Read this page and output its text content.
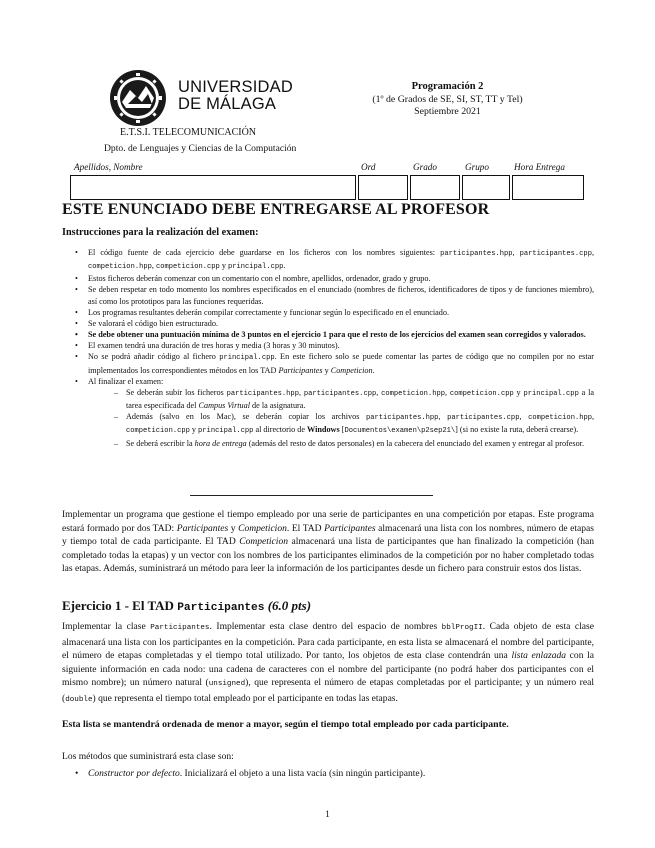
UNIVERSIDAD
DE MÁLAGA
E.T.S.I. TELECOMUNICACIÓN
Dpto. de Lenguajes y Ciencias de la Computación
Programación 2
(1º de Grados de SE, SI, ST, TT y Tel)
Septiembre 2021
Apellidos, Nombre	Ord	Grado	Grupo	Hora Entrega
ESTE ENUNCIADO DEBE ENTREGARSE AL PROFESOR
Instrucciones para la realización del examen:
• El código fuente de cada ejercicio debe guardarse en los ficheros con los nombres siguientes: participantes.hpp, participantes.cpp, competicion.hpp, competicion.cpp y principal.cpp.
• Estos ficheros deberán comenzar con un comentario con el nombre, apellidos, ordenador, grado y grupo.
• Se deben respetar en todo momento los nombres especificados en el enunciado (nombres de ficheros, identificadores de tipos y de funciones miembro), así como los prototipos para las funciones requeridas.
• Los programas resultantes deberán compilar correctamente y funcionar según lo especificado en el enunciado.
• Se valorará el código bien estructurado.
• Se debe obtener una puntuación mínima de 3 puntos en el ejercicio 1 para que el resto de los ejercicios del examen sean corregidos y valorados.
• El examen tendrá una duración de tres horas y media (3 horas y 30 minutos).
• No se podrá añadir código al fichero principal.cpp. En este fichero solo se puede comentar las partes de código que no compilen por no estar implementados los correspondientes métodos en los TAD Participantes y Competicion.
• Al finalizar el examen:
– Se deberán subir los ficheros participantes.hpp, participantes.cpp, competicion.hpp, competicion.cpp y principal.cpp a la tarea especificada del Campus Virtual de la asignatura.
– Además (salvo en los Mac), se deberán copiar los archivos participantes.hpp, participantes.cpp, competicion.hpp, competicion.cpp y principal.cpp al directorio de Windows [Documentos\examen\p2sep21\] (si no existe la ruta, deberá crearse).
– Se deberá escribir la hora de entrega (además del resto de datos personales) en la cabecera del enunciado del examen y entregar al profesor.

Implementar un programa que gestione el tiempo empleado por una serie de participantes en una competición por etapas. Este programa estará formado por dos TAD: Participantes y Competicion. El TAD Participantes almacenará una lista con los nombres, número de etapas y tiempo total de cada participante. El TAD Competicion almacenará una lista de participantes que han finalizado la competición (han completado todas la etapas) y un vector con los nombres de los participantes eliminados de la competición por no haber completado todas las etapas. Además, suministrará un método para leer la información de los participantes desde un fichero para construir estos dos listas.

Ejercicio 1 - El TAD Participantes (6.0 pts)

Implementar la clase Participantes. Implementar esta clase dentro del espacio de nombres bblProgII. Cada objeto de esta clase almacenará una lista con los participantes en la competición. Para cada participante, en esta lista se almacenará el nombre del participante, el número de etapas completadas y el tiempo total utilizado. Por tanto, los objetos de esta clase contendrán una lista enlazada con la siguiente información en cada nodo: una cadena de caracteres con el nombre del participante (no podrá haber dos participantes con el mismo nombre); un número natural (unsigned), que representa el número de etapas completadas por el participante; y un número real (double) que representa el tiempo total empleado por el participante en todas las etapas.

Esta lista se mantendrá ordenada de menor a mayor, según el tiempo total empleado por cada participante.

Los métodos que suministrará esta clase son:
• Constructor por defecto. Inicializará el objeto a una lista vacía (sin ningún participante).
1
